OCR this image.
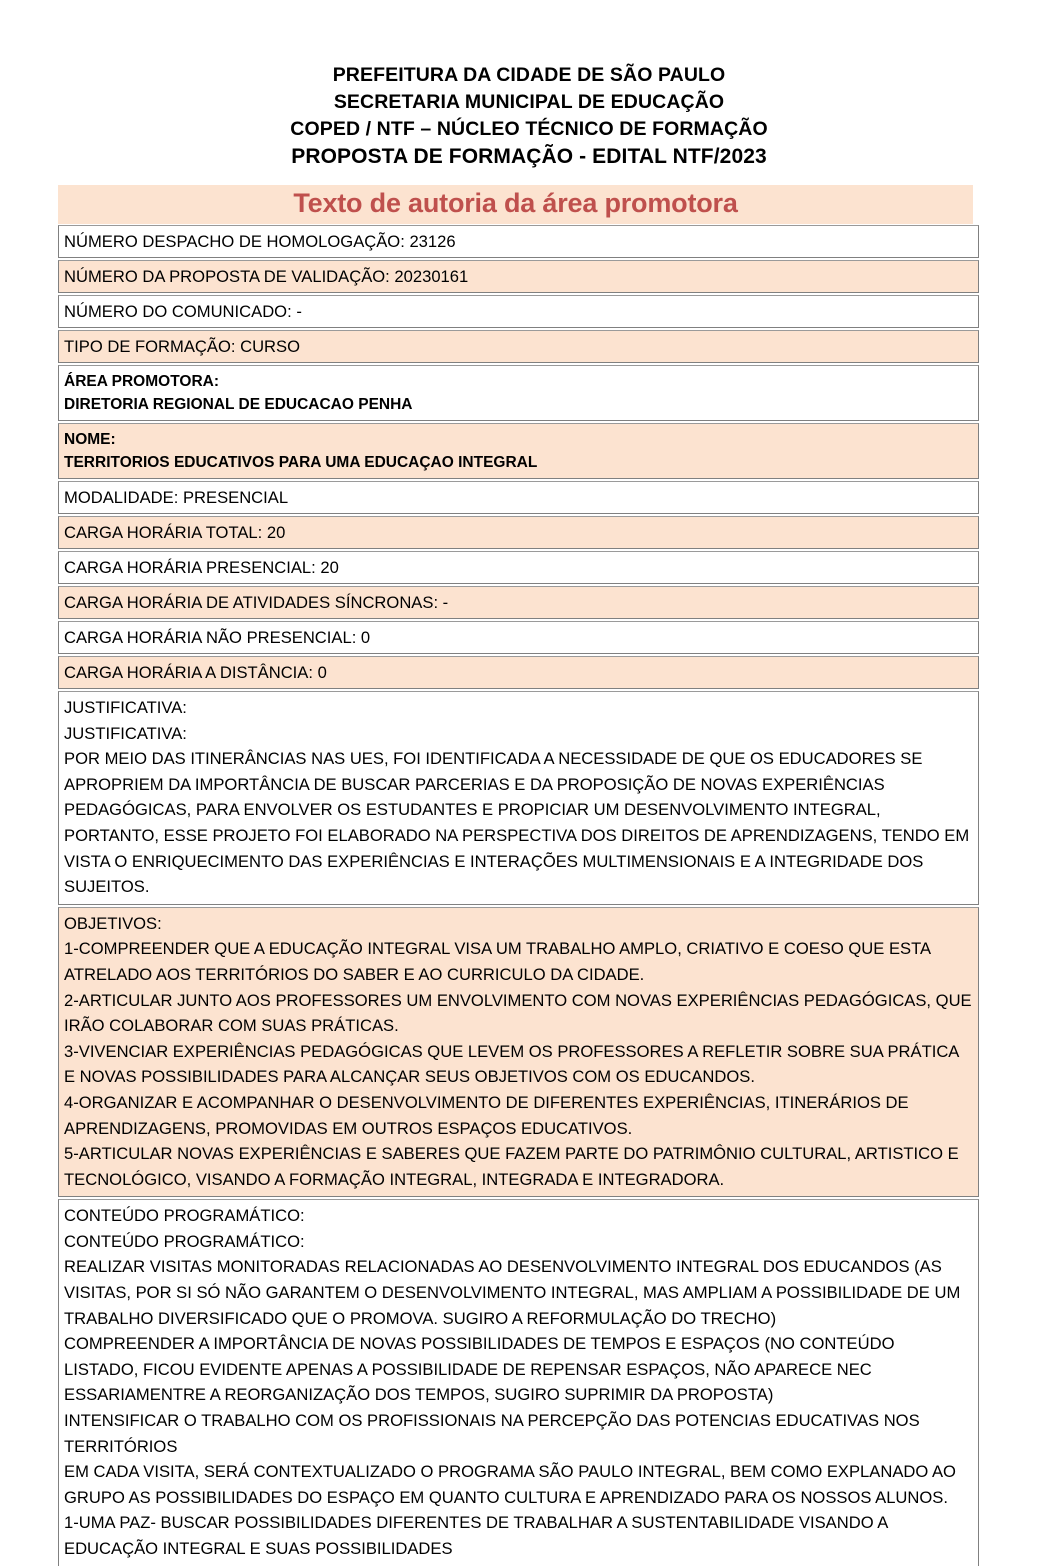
PREFEITURA DA CIDADE DE SÃO PAULO
SECRETARIA MUNICIPAL DE EDUCAÇÃO
COPED / NTF – NÚCLEO TÉCNICO DE FORMAÇÃO
PROPOSTA DE FORMAÇÃO - EDITAL NTF/2023
Texto de autoria da área promotora
NÚMERO DESPACHO DE HOMOLOGAÇÃO: 23126
NÚMERO DA PROPOSTA DE VALIDAÇÃO: 20230161
NÚMERO DO COMUNICADO: -
TIPO DE FORMAÇÃO: CURSO
ÁREA PROMOTORA:
DIRETORIA REGIONAL DE EDUCACAO PENHA
NOME:
TERRITORIOS EDUCATIVOS PARA UMA EDUCAÇAO INTEGRAL
MODALIDADE: PRESENCIAL
CARGA HORÁRIA TOTAL: 20
CARGA HORÁRIA PRESENCIAL: 20
CARGA HORÁRIA DE ATIVIDADES SÍNCRONAS: -
CARGA HORÁRIA NÃO PRESENCIAL: 0
CARGA HORÁRIA A DISTÂNCIA: 0
JUSTIFICATIVA:
JUSTIFICATIVA:
POR MEIO DAS ITINERÂNCIAS NAS UES, FOI IDENTIFICADA A NECESSIDADE DE QUE OS EDUCADORES SE APROPRIEM DA IMPORTÂNCIA DE BUSCAR PARCERIAS E DA PROPOSIÇÃO DE NOVAS EXPERIÊNCIAS PEDAGÓGICAS, PARA ENVOLVER OS ESTUDANTES E PROPICIAR UM DESENVOLVIMENTO INTEGRAL, PORTANTO, ESSE PROJETO FOI ELABORADO NA PERSPECTIVA DOS DIREITOS DE APRENDIZAGENS, TENDO EM VISTA O ENRIQUECIMENTO DAS EXPERIÊNCIAS E INTERAÇÕES MULTIMENSIONAIS E A INTEGRIDADE DOS SUJEITOS.
OBJETIVOS:
1-COMPREENDER QUE A EDUCAÇÃO INTEGRAL VISA UM TRABALHO AMPLO, CRIATIVO E COESO QUE ESTA ATRELADO AOS TERRITÓRIOS DO SABER E AO CURRICULO DA CIDADE.
2-ARTICULAR JUNTO AOS PROFESSORES UM ENVOLVIMENTO COM NOVAS EXPERIÊNCIAS PEDAGÓGICAS, QUE IRÃO COLABORAR COM SUAS PRÁTICAS.
3-VIVENCIAR EXPERIÊNCIAS PEDAGÓGICAS QUE LEVEM OS PROFESSORES A REFLETIR SOBRE SUA PRÁTICA E NOVAS POSSIBILIDADES PARA ALCANÇAR SEUS OBJETIVOS COM OS EDUCANDOS.
4-ORGANIZAR E ACOMPANHAR O DESENVOLVIMENTO DE DIFERENTES EXPERIÊNCIAS, ITINERÁRIOS DE APRENDIZAGENS, PROMOVIDAS EM OUTROS ESPAÇOS EDUCATIVOS.
5-ARTICULAR NOVAS EXPERIÊNCIAS E SABERES QUE FAZEM PARTE DO PATRIMÔNIO CULTURAL, ARTISTICO E TECNOLÓGICO, VISANDO A FORMAÇÃO INTEGRAL, INTEGRADA E INTEGRADORA.
CONTEÚDO PROGRAMÁTICO:
CONTEÚDO PROGRAMÁTICO:
REALIZAR VISITAS MONITORADAS RELACIONADAS AO DESENVOLVIMENTO INTEGRAL DOS EDUCANDOS (AS VISITAS, POR SI SÓ NÃO GARANTEM O DESENVOLVIMENTO INTEGRAL, MAS AMPLIAM A POSSIBILIDADE DE UM TRABALHO DIVERSIFICADO QUE O PROMOVA. SUGIRO A REFORMULAÇÃO DO TRECHO)
COMPREENDER A IMPORTÂNCIA DE NOVAS POSSIBILIDADES DE TEMPOS E ESPAÇOS (NO CONTEÚDO LISTADO, FICOU EVIDENTE APENAS A POSSIBILIDADE DE REPENSAR ESPAÇOS, NÃO APARECE NEC ESSARIAMENTRE A REORGANIZAÇÃO DOS TEMPOS, SUGIRO SUPRIMIR DA PROPOSTA)
INTENSIFICAR O TRABALHO COM OS PROFISSIONAIS NA PERCEPÇÃO DAS POTENCIAS EDUCATIVAS NOS TERRITÓRIOS
EM CADA VISITA, SERÁ CONTEXTUALIZADO O PROGRAMA SÃO PAULO INTEGRAL, BEM COMO EXPLANADO AO GRUPO AS POSSIBILIDADES DO ESPAÇO EM QUANTO CULTURA E APRENDIZADO PARA OS NOSSOS ALUNOS.
1-UMA PAZ- BUSCAR POSSIBILIDADES DIFERENTES DE TRABALHAR A SUSTENTABILIDADE VISANDO A EDUCAÇÃO INTEGRAL E SUAS POSSIBILIDADES
